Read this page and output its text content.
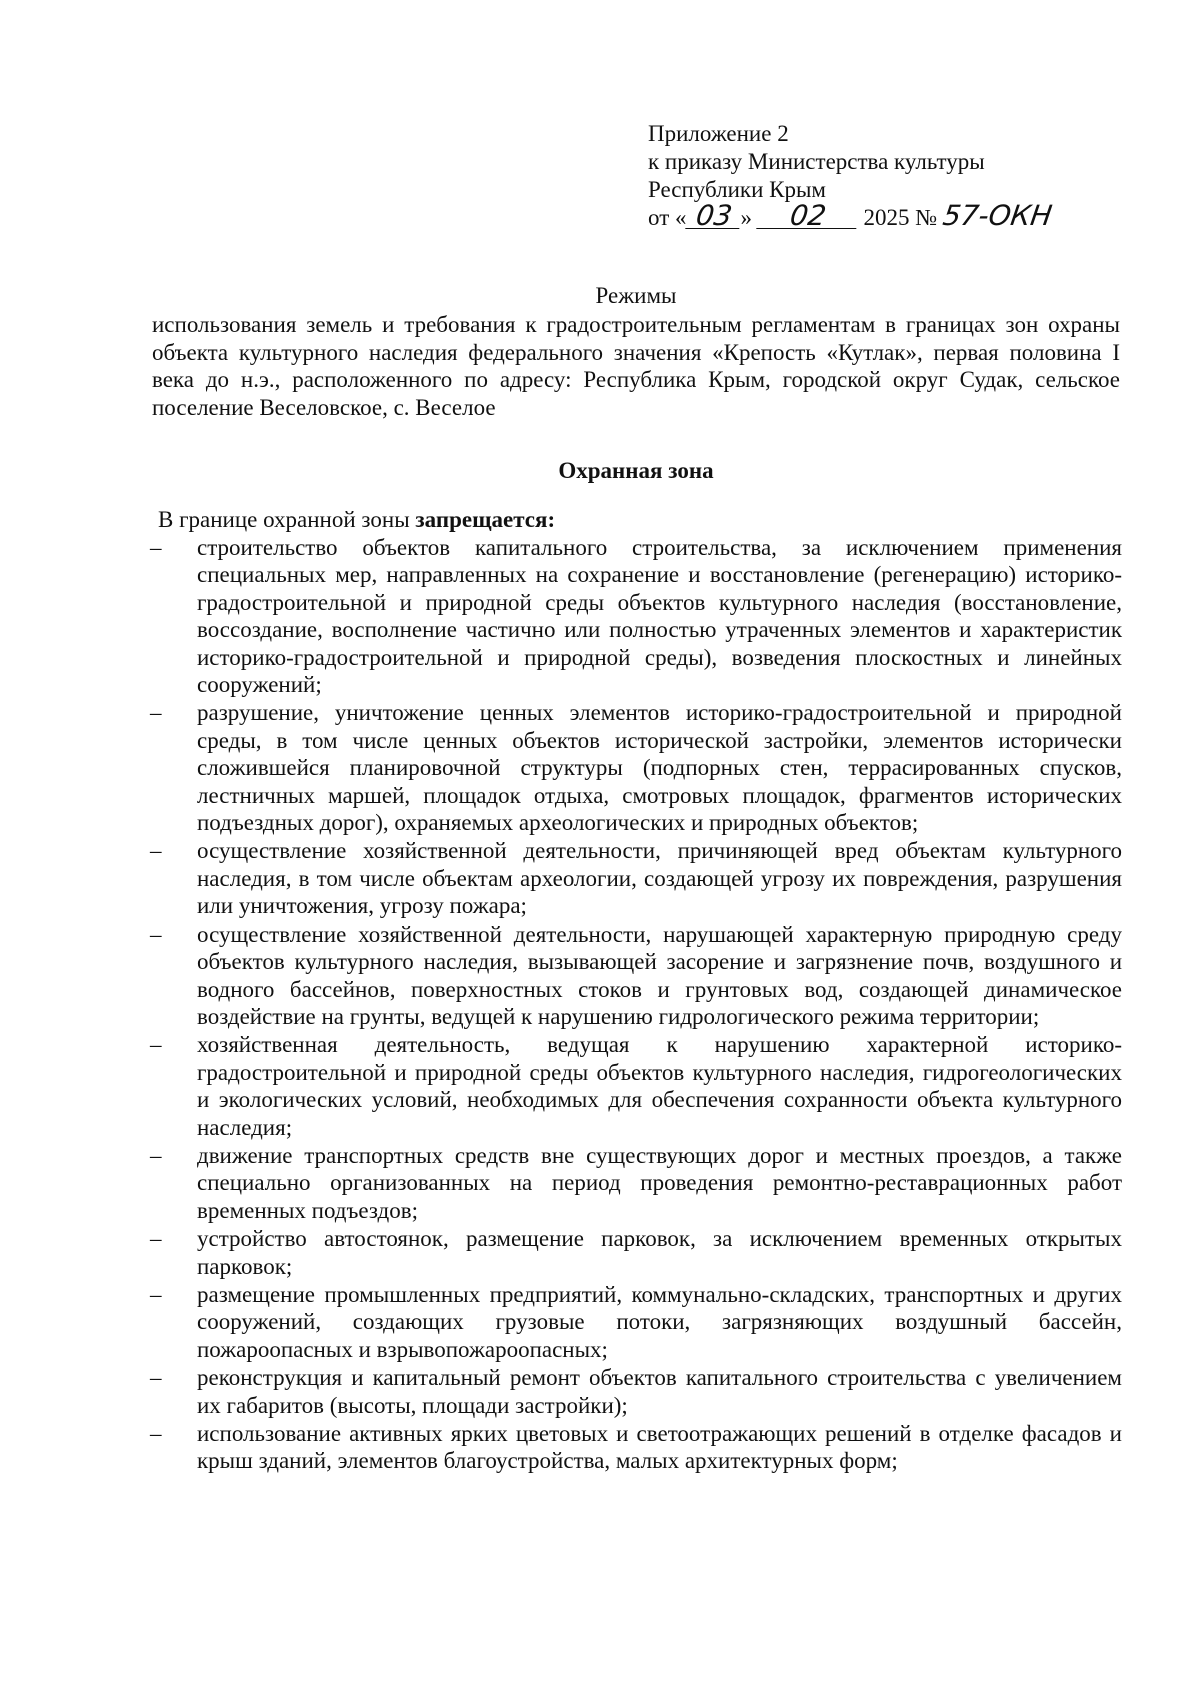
Приложение 2
к приказу Министерства культуры
Республики Крым
от « 03 » 02 2025 № 57-ОКН
Режимы
использования земель и требования к градостроительным регламентам в границах зон охраны объекта культурного наследия федерального значения «Крепость «Кутлак», первая половина I века до н.э., расположенного по адресу: Республика Крым, городской округ Судак, сельское поселение Веселовское, с. Веселое
Охранная зона
В границе охранной зоны запрещается:
–	строительство объектов капитального строительства, за исключением применения специальных мер, направленных на сохранение и восстановление (регенерацию) историко-градостроительной и природной среды объектов культурного наследия (восстановление, воссоздание, восполнение частично или полностью утраченных элементов и характеристик историко-градостроительной и природной среды), возведения плоскостных и линейных сооружений;
–	разрушение, уничтожение ценных элементов историко-градостроительной и природной среды, в том числе ценных объектов исторической застройки, элементов исторически сложившейся планировочной структуры (подпорных стен, террасированных спусков, лестничных маршей, площадок отдыха, смотровых площадок, фрагментов исторических подъездных дорог), охраняемых археологических и природных объектов;
–	осуществление хозяйственной деятельности, причиняющей вред объектам культурного наследия, в том числе объектам археологии, создающей угрозу их повреждения, разрушения или уничтожения, угрозу пожара;
–	осуществление хозяйственной деятельности, нарушающей характерную природную среду объектов культурного наследия, вызывающей засорение и загрязнение почв, воздушного и водного бассейнов, поверхностных стоков и грунтовых вод, создающей динамическое воздействие на грунты, ведущей к нарушению гидрологического режима территории;
–	хозяйственная деятельность, ведущая к нарушению характерной историко-градостроительной и природной среды объектов культурного наследия, гидрогеологических и экологических условий, необходимых для обеспечения сохранности объекта культурного наследия;
–	движение транспортных средств вне существующих дорог и местных проездов, а также специально организованных на период проведения ремонтно-реставрационных работ временных подъездов;
–	устройство автостоянок, размещение парковок, за исключением временных открытых парковок;
–	размещение промышленных предприятий, коммунально-складских, транспортных и других сооружений, создающих грузовые потоки, загрязняющих воздушный бассейн, пожароопасных и взрывопожароопасных;
–	реконструкция и капитальный ремонт объектов капитального строительства с увеличением их габаритов (высоты, площади застройки);
–	использование активных ярких цветовых и светоотражающих решений в отделке фасадов и крыш зданий, элементов благоустройства, малых архитектурных форм;
